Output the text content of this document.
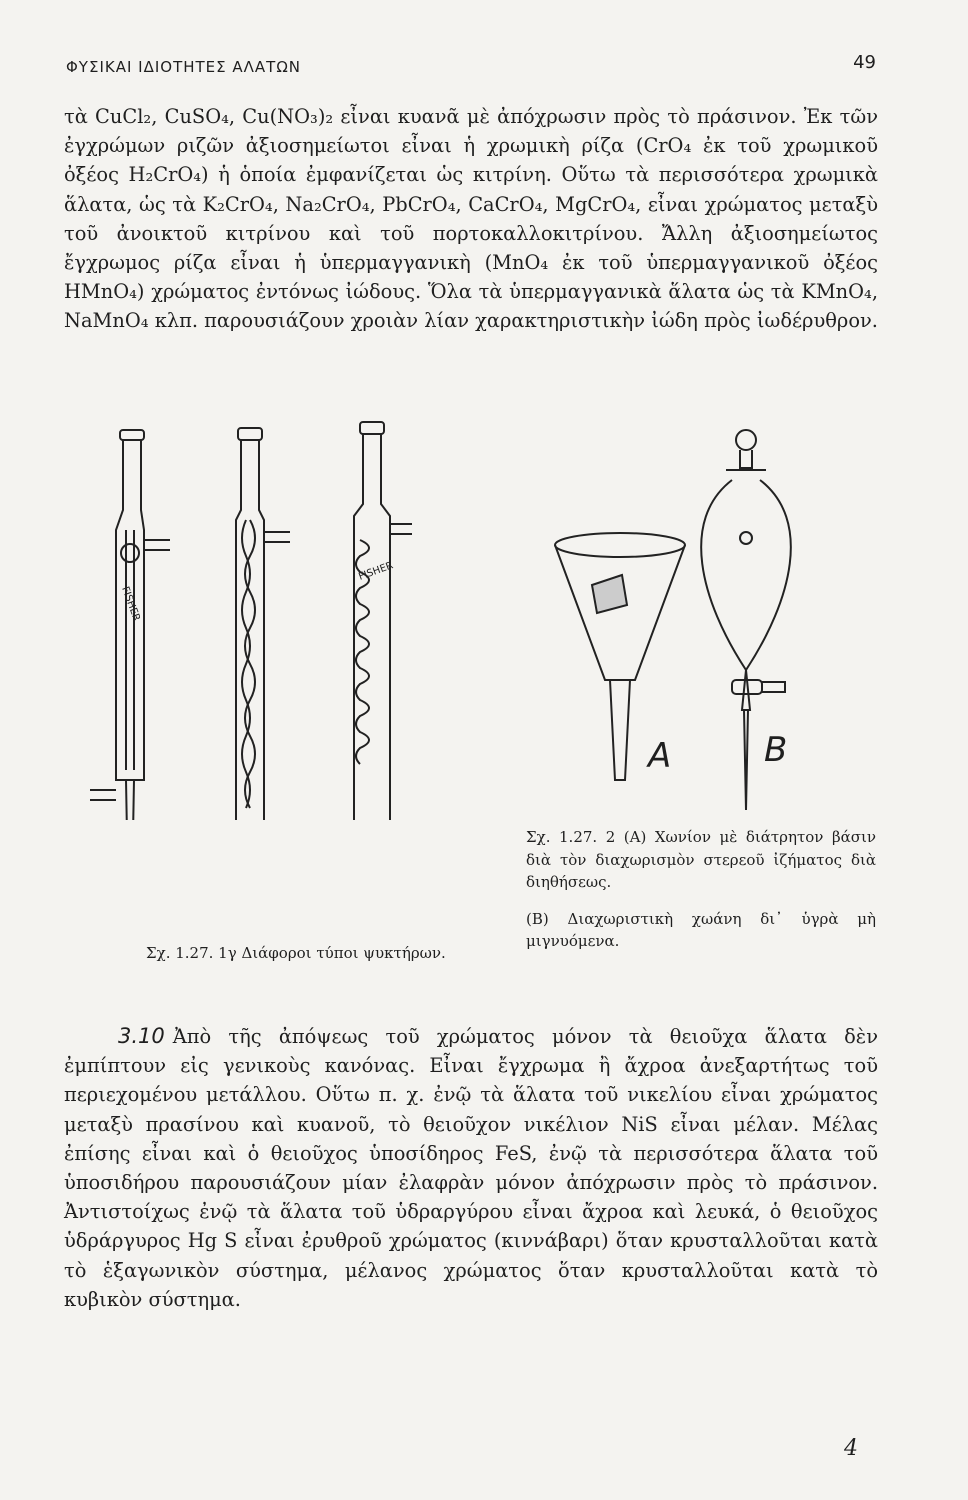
ΦΥΣΙΚΑΙ ΙΔΙΟΤΗΤΕΣ ΑΛΑΤΩΝ	49

τὰ CuCl₂, CuSO₄, Cu(NO₃)₂ εἶναι κυανᾶ μὲ ἀπόχρωσιν πρὸς τὸ πράσινον. Ἐκ τῶν ἐγχρώμων ριζῶν ἀξιοσημείωτοι εἶναι ἡ χρωμικὴ ρίζα (CrO₄ ἐκ τοῦ χρωμικοῦ ὀξέος H₂CrO₄) ἡ ὁποία ἐμφανίζεται ὡς κιτρίνη. Οὕτω τὰ περισσότερα χρωμικὰ ἅλατα, ὡς τὰ K₂CrO₄, Na₂CrO₄, PbCrO₄, CaCrO₄, MgCrO₄, εἶναι χρώματος μεταξὺ τοῦ ἀνοικτοῦ κιτρίνου καὶ τοῦ πορτοκαλλοκιτρίνου. Ἄλλη ἀξιοσημείωτος ἔγχρωμος ρίζα εἶναι ἡ ὑπερμαγγανικὴ (MnO₄ ἐκ τοῦ ὑπερμαγγανικοῦ ὀξέος HMnO₄) χρώματος ἐντόνως ἰώδους. Ὅλα τὰ ὑπερμαγγανικὰ ἅλατα ὡς τὰ KMnO₄, NaMnO₄ κλπ. παρουσιάζουν χροιὰν λίαν χαρακτηριστικὴν ἰώδη πρὸς ἰωδέρυθρον.

FISHER
FISHER
A	B
Σχ. 1.27. 1γ Διάφοροι τύποι ψυκτήρων.

Σχ. 1.27. 2 (A) Χωνίον μὲ διάτρητον βάσιν διὰ τὸν διαχωρισμὸν στερεοῦ ἰζήματος διὰ διηθήσεως.

(B) Διαχωριστικὴ χωάνη δι᾽ ὑγρὰ μὴ μιγνυόμενα.

3.10 Ἀπὸ τῆς ἀπόψεως τοῦ χρώματος μόνον τὰ θειοῦχα ἅλατα δὲν ἐμπίπτουν εἰς γενικοὺς κανόνας. Εἶναι ἔγχρωμα ἢ ἄχροα ἀνεξαρτήτως τοῦ περιεχομένου μετάλλου. Οὕτω π. χ. ἐνῷ τὰ ἅλατα τοῦ νικελίου εἶναι χρώματος μεταξὺ πρασίνου καὶ κυανοῦ, τὸ θειοῦχον νικέλιον NiS εἶναι μέλαν. Μέλας ἐπίσης εἶναι καὶ ὁ θειοῦχος ὑποσίδηρος FeS, ἐνῷ τὰ περισσότερα ἅλατα τοῦ ὑποσιδήρου παρουσιάζουν μίαν ἐλαφρὰν μόνον ἀπόχρωσιν πρὸς τὸ πράσινον. Ἀντιστοίχως ἐνῷ τὰ ἅλατα τοῦ ὑδραργύρου εἶναι ἄχροα καὶ λευκά, ὁ θειοῦχος ὑδράργυρος Hg S εἶναι ἐρυθροῦ χρώματος (κιννάβαρι) ὅταν κρυσταλλοῦται κατὰ τὸ ἑξαγωνικὸν σύστημα, μέλανος χρώματος ὅταν κρυσταλλοῦται κατὰ τὸ κυβικὸν σύστημα.

4
